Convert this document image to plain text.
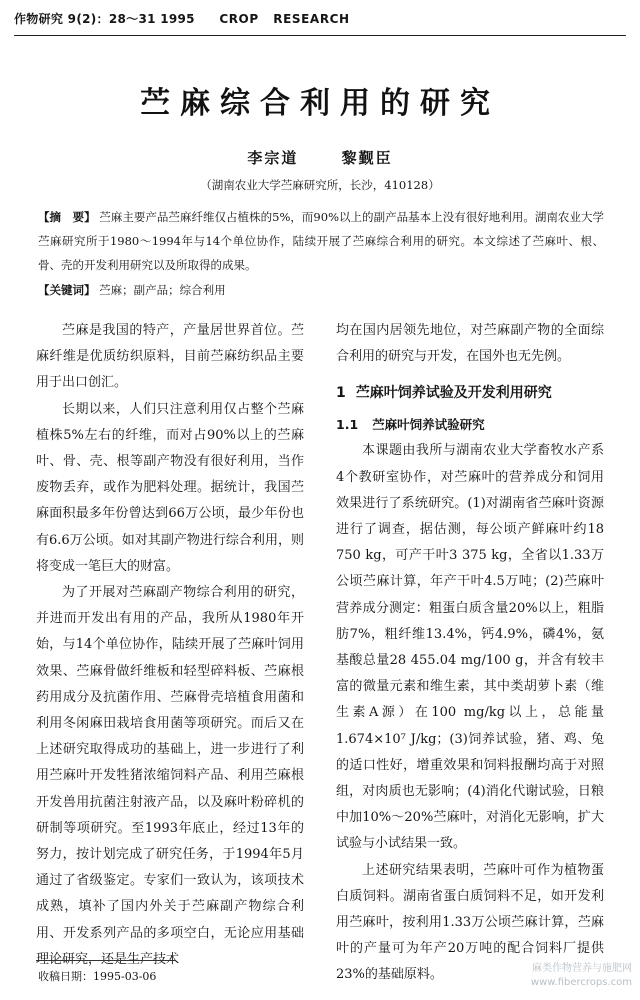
作物研究 9(2)：28～31 1995 CROP RESEARCH
苎麻综合利用的研究
李宗道	黎觐臣
（湖南农业大学苎麻研究所，长沙，410128）
【摘　要】 苎麻主要产品苎麻纤维仅占植株的5%，而90%以上的副产品基本上没有很好地利用。湖南农业大学苎麻研究所于1980～1994年与14个单位协作，陆续开展了苎麻综合利用的研究。本文综述了苎麻叶、根、骨、壳的开发利用研究以及所取得的成果。
【关键词】 苎麻；副产品；综合利用

苎麻是我国的特产，产量居世界首位。苎麻纤维是优质纺织原料，目前苎麻纺织品主要用于出口创汇。

长期以来，人们只注意利用仅占整个苎麻植株5%左右的纤维，而对占90%以上的苎麻叶、骨、壳、根等副产物没有很好利用，当作废物丢弃，或作为肥料处理。据统计，我国苎麻面积最多年份曾达到66万公顷，最少年份也有6.6万公顷。如对其副产物进行综合利用，则将变成一笔巨大的财富。

为了开展对苎麻副产物综合利用的研究，并进而开发出有用的产品，我所从1980年开始，与14个单位协作，陆续开展了苎麻叶饲用效果、苎麻骨做纤维板和轻型碎料板、苎麻根药用成分及抗菌作用、苎麻骨壳培植食用菌和利用冬闲麻田栽培食用菌等项研究。而后又在上述研究取得成功的基础上，进一步进行了利用苎麻叶开发牲猪浓缩饲料产品、利用苎麻根开发兽用抗菌注射液产品，以及麻叶粉碎机的研制等项研究。至1993年底止，经过13年的努力，按计划完成了研究任务，于1994年5月通过了省级鉴定。专家们一致认为，该项技术成熟，填补了国内外关于苎麻副产物综合利用、开发系列产品的多项空白，无论应用基础理论研究，还是生产技术

均在国内居领先地位，对苎麻副产物的全面综合利用的研究与开发，在国外也无先例。

1 苎麻叶饲养试验及开发利用研究
1.1 苎麻叶饲养试验研究

本课题由我所与湖南农业大学畜牧水产系4个教研室协作，对苎麻叶的营养成分和饲用效果进行了系统研究。(1)对湖南省苎麻叶资源进行了调查，据估测，每公顷产鲜麻叶约18 750 kg，可产干叶3 375 kg，全省以1.33万公顷苎麻计算，年产干叶4.5万吨；(2)苎麻叶营养成分测定：粗蛋白质含量20%以上，粗脂肪7%，粗纤维13.4%，钙4.9%，磷4%，氨基酸总量28 455.04 mg/100 g，并含有较丰富的微量元素和维生素，其中类胡萝卜素（维生素A源）在100 mg/kg以上，总能量1.674×10⁷ J/kg；(3)饲养试验，猪、鸡、兔的适口性好，增重效果和饲料报酬均高于对照组，对肉质也无影响；(4)消化代谢试验，日粮中加10%～20%苎麻叶，对消化无影响，扩大试验与小试结果一致。

上述研究结果表明，苎麻叶可作为植物蛋白质饲料。湖南省蛋白质饲料不足，如开发利用苎麻叶，按利用1.33万公顷苎麻计算，苎麻叶的产量可为年产20万吨的配合饲料厂提供23%的基础原料。

收稿日期：1995-03-06
麻类作物营养与施肥网
www.fibercrops.com
